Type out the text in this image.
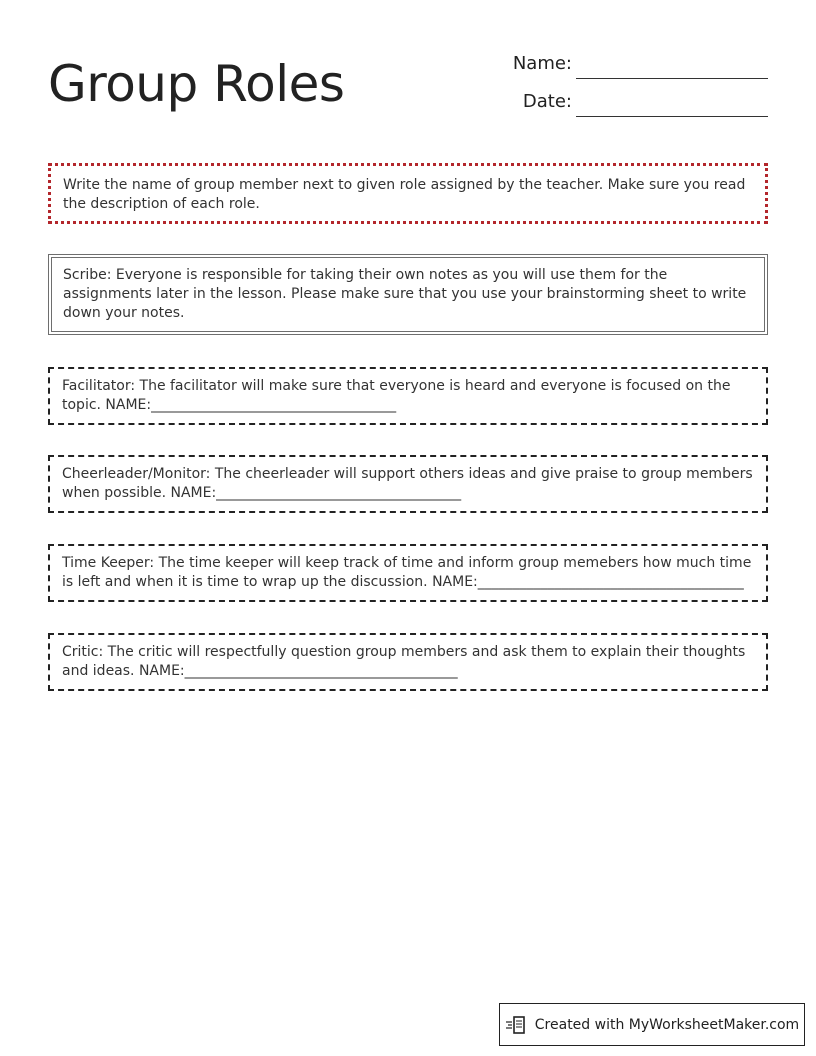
Group Roles	Name:
Date:
Write the name of group member next to given role assigned by the teacher. Make sure you read the description of each role.
Scribe: Everyone is responsible for taking their own notes as you will use them for the assignments later in the lesson. Please make sure that you use your brainstorming sheet to write down your notes.
Facilitator: The facilitator will make sure that everyone is heard and everyone is focused on the topic. NAME:___________________________________
Cheerleader/Monitor: The cheerleader will support others ideas and give praise to group members when possible. NAME:___________________________________
Time Keeper: The time keeper will keep track of time and inform group memebers how much time is left and when it is time to wrap up the discussion. NAME:______________________________________
Critic: The critic will respectfully question group members and ask them to explain their thoughts and ideas. NAME:_______________________________________
Created with MyWorksheetMaker.com
